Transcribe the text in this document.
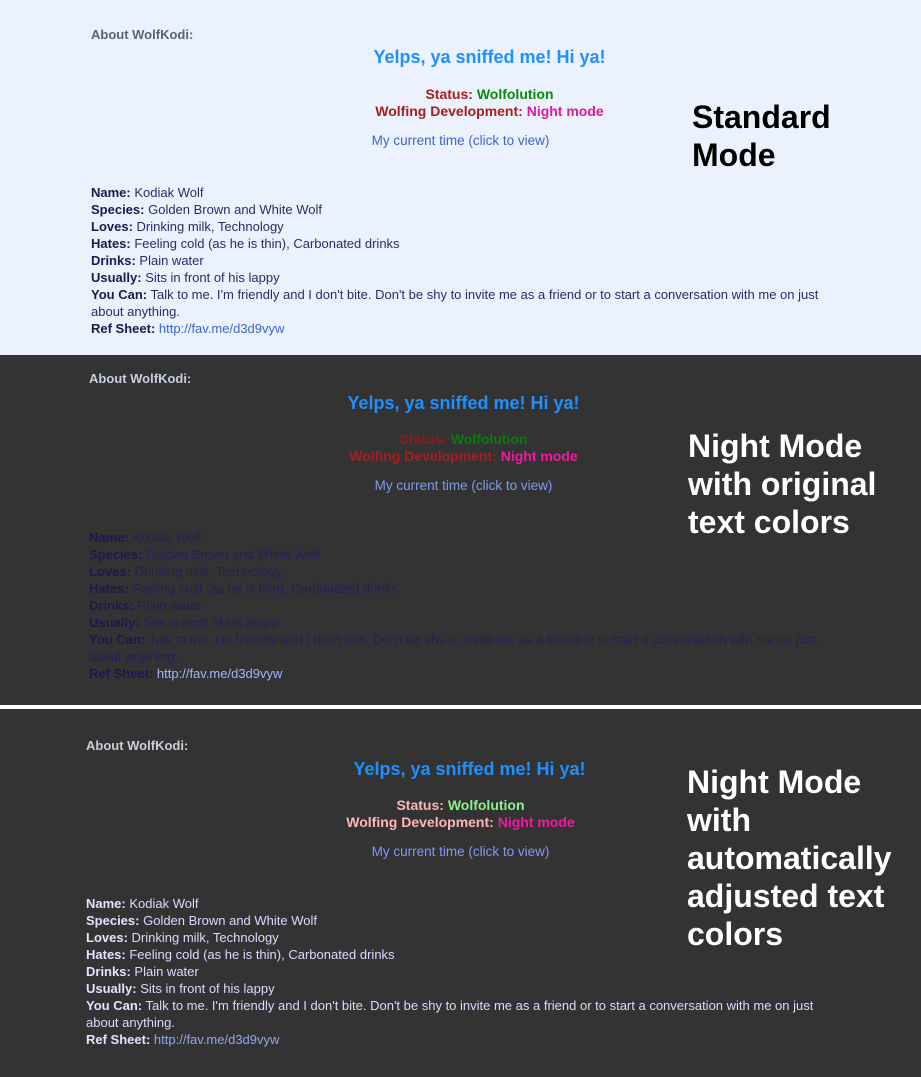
About WolfKodi:
Yelps, ya sniffed me! Hi ya!
Status: Wolfolution
Wolfing Development: Night mode
My current time (click to view)
Name: Kodiak Wolf
Species: Golden Brown and White Wolf
Loves: Drinking milk, Technology
Hates: Feeling cold (as he is thin), Carbonated drinks
Drinks: Plain water
Usually: Sits in front of his lappy
You Can: Talk to me. I'm friendly and I don't bite. Don't be shy to invite me as a friend or to start a conversation with me on just about anything.
Ref Sheet: http://fav.me/d3d9vyw
Standard
Mode
About WolfKodi:
Yelps, ya sniffed me! Hi ya!
Status: Wolfolution
Wolfing Development: Night mode
My current time (click to view)
Name: Kodiak Wolf
Species: Golden Brown and White Wolf
Loves: Drinking milk, Technology
Hates: Feeling cold (as he is thin), Carbonated drinks
Drinks: Plain water
Usually: Sits in front of his lappy
You Can: Talk to me. I'm friendly and I don't bite. Don't be shy to invite me as a friend or to start a conversation with me on just about anything.
Ref Sheet: http://fav.me/d3d9vyw
Night Mode
with original
text colors
About WolfKodi:
Yelps, ya sniffed me! Hi ya!
Status: Wolfolution
Wolfing Development: Night mode
My current time (click to view)
Name: Kodiak Wolf
Species: Golden Brown and White Wolf
Loves: Drinking milk, Technology
Hates: Feeling cold (as he is thin), Carbonated drinks
Drinks: Plain water
Usually: Sits in front of his lappy
You Can: Talk to me. I'm friendly and I don't bite. Don't be shy to invite me as a friend or to start a conversation with me on just about anything.
Ref Sheet: http://fav.me/d3d9vyw
Night Mode
with
automatically
adjusted text
colors
